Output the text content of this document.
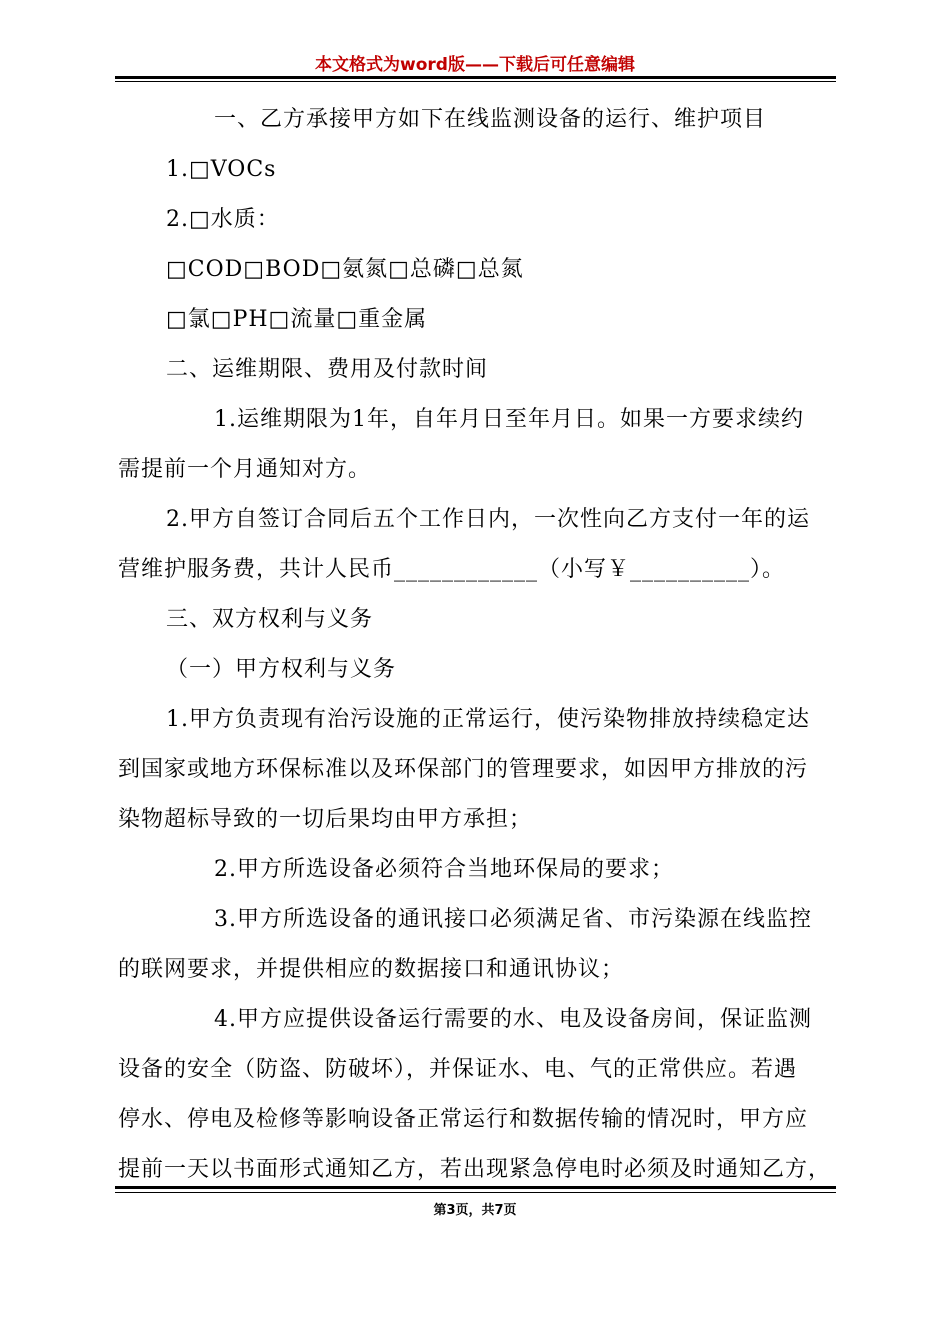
本文格式为word版——下载后可任意编辑

一、乙方承接甲方如下在线监测设备的运行、维护项目

1.□VOCs

2.□水质：

□COD□BOD□氨氮□总磷□总氮

□氯□PH□流量□重金属

二、运维期限、费用及付款时间

1.运维期限为1年，自年月日至年月日。如果一方要求续约

需提前一个月通知对方。

2.甲方自签订合同后五个工作日内，一次性向乙方支付一年的运

营维护服务费，共计人民币____________（小写￥__________）。

三、双方权利与义务

（一）甲方权利与义务

1.甲方负责现有治污设施的正常运行，使污染物排放持续稳定达

到国家或地方环保标准以及环保部门的管理要求，如因甲方排放的污

染物超标导致的一切后果均由甲方承担；

2.甲方所选设备必须符合当地环保局的要求；

3.甲方所选设备的通讯接口必须满足省、市污染源在线监控

的联网要求，并提供相应的数据接口和通讯协议；

4.甲方应提供设备运行需要的水、电及设备房间，保证监测

设备的安全（防盗、防破坏），并保证水、电、气的正常供应。若遇

停水、停电及检修等影响设备正常运行和数据传输的情况时，甲方应

提前一天以书面形式通知乙方，若出现紧急停电时必须及时通知乙方，

第3页，共7页
